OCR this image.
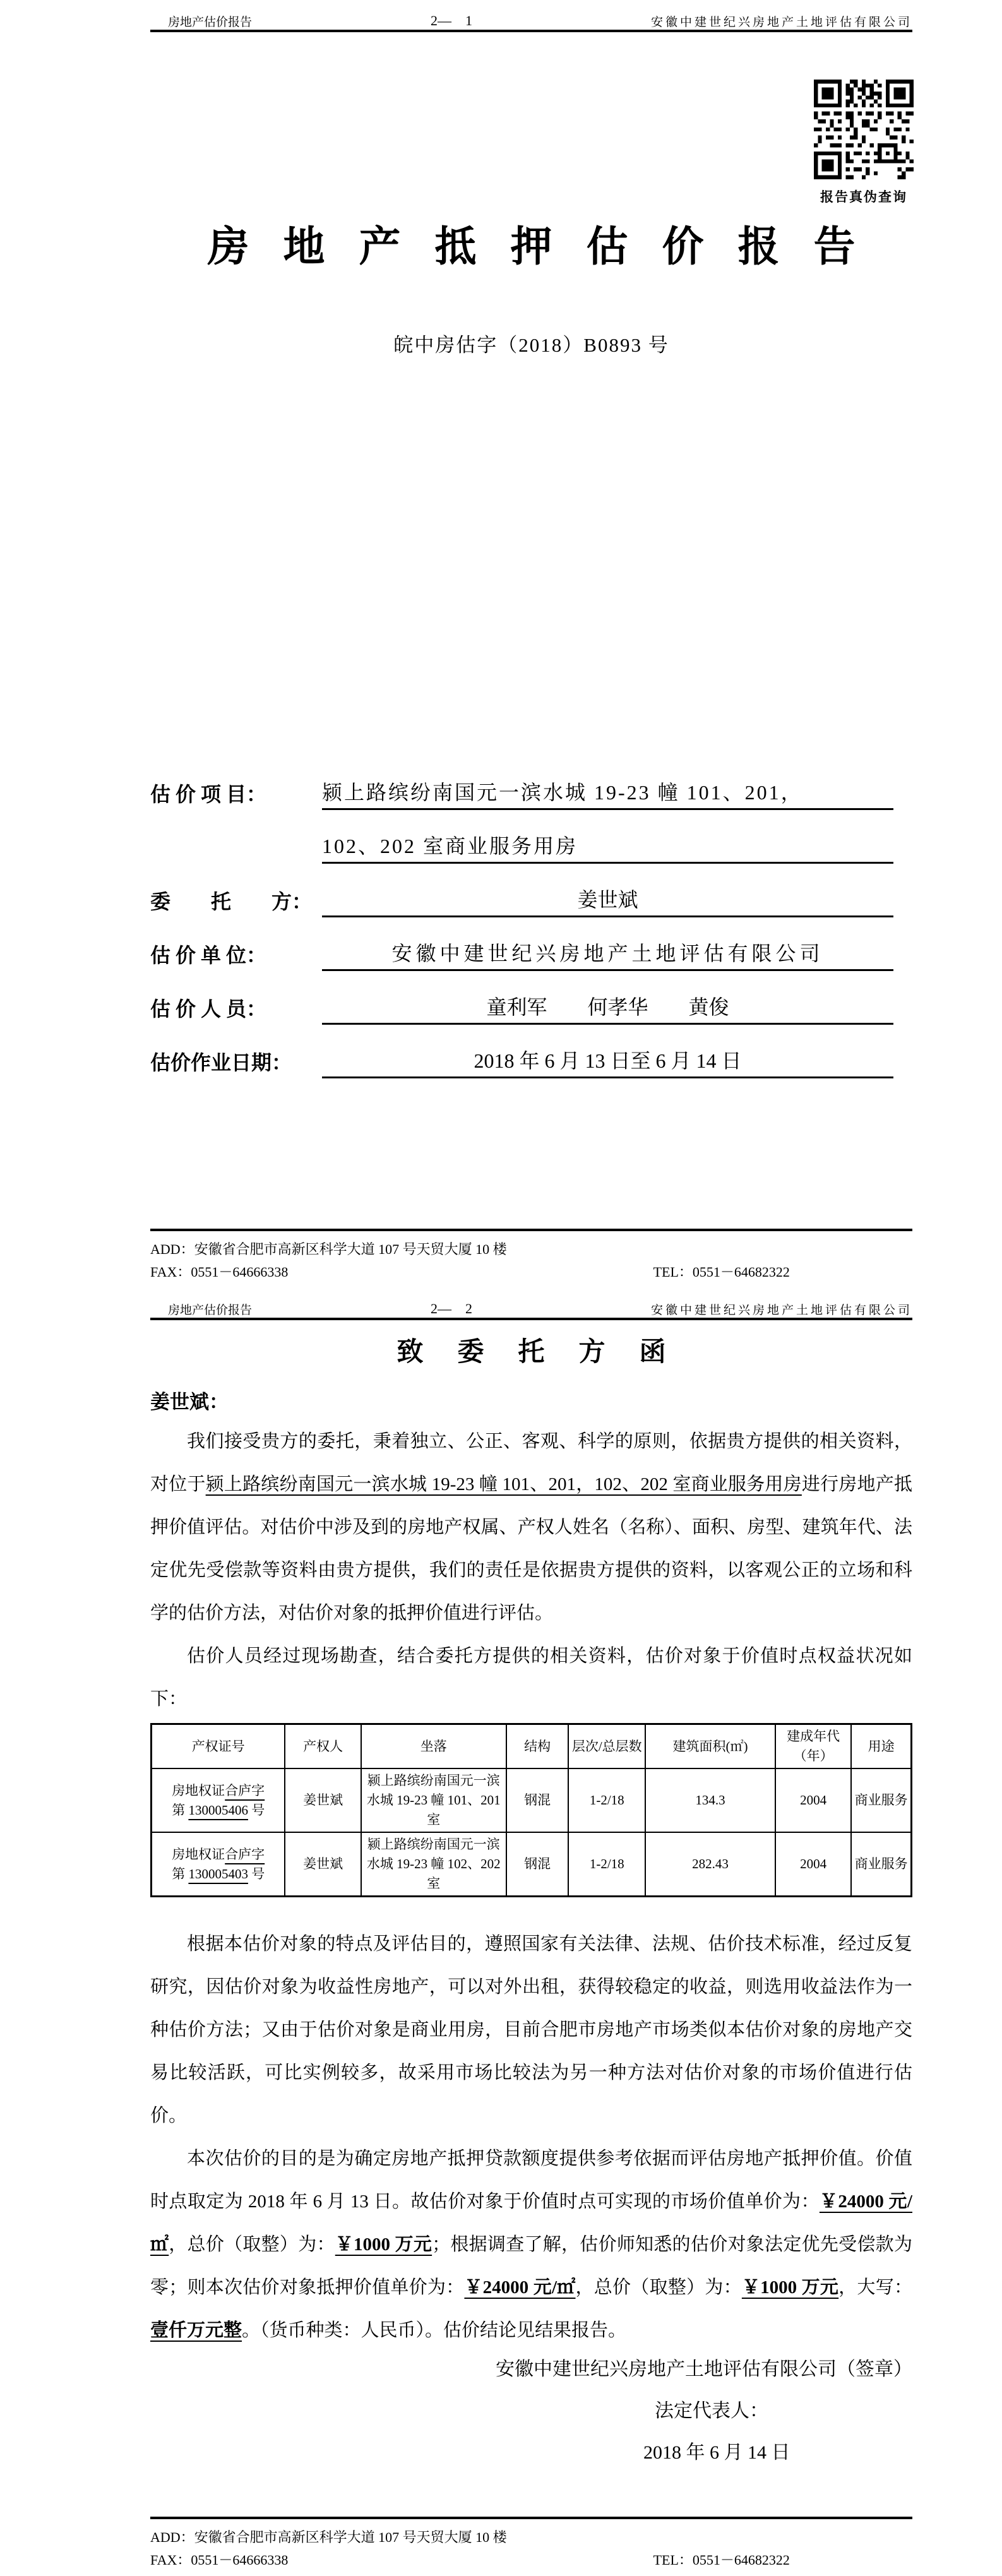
房地产估价报告	2—　1	安徽中建世纪兴房地产土地评估有限公司
报告真伪查询
房地产抵押估价报告
皖中房估字（2018）B0893 号
估 价 项 目：	颍上路缤纷南国元一滨水城 19-23 幢 101、201，
102、202 室商业服务用房
委　　托　　方：	姜世斌
估 价 单 位：	安徽中建世纪兴房地产土地评估有限公司
估 价 人 员：	童利军　　何孝华　　黄俊
估价作业日期：	2018 年 6 月 13 日至 6 月 14 日
ADD：安徽省合肥市高新区科学大道 107 号天贸大厦 10 楼
FAX：0551－64666338	TEL：0551－64682322
房地产估价报告	2—　2	安徽中建世纪兴房地产土地评估有限公司
致委托方函
姜世斌：

我们接受贵方的委托，秉着独立、公正、客观、科学的原则，依据贵方提供的相关资料，对位于颍上路缤纷南国元一滨水城 19-23 幢 101、201，102、202 室商业服务用房进行房地产抵押价值评估。对估价中涉及到的房地产权属、产权人姓名（名称）、面积、房型、建筑年代、法定优先受偿款等资料由贵方提供，我们的责任是依据贵方提供的资料，以客观公正的立场和科学的估价方法，对估价对象的抵押价值进行评估。

估价人员经过现场勘查，结合委托方提供的相关资料，估价对象于价值时点权益状况如下：

产权证号	产权人	坐落	结构	层次/总层数	建筑面积(㎡)	建成年代（年）	用途
房地权证合庐字
第 130005406 号	姜世斌	颍上路缤纷南国元一滨水城 19-23 幢 101、201 室	钢混	1-2/18	134.3	2004	商业服务
房地权证合庐字
第 130005403 号	姜世斌	颍上路缤纷南国元一滨水城 19-23 幢 102、202 室	钢混	1-2/18	282.43	2004	商业服务

根据本估价对象的特点及评估目的，遵照国家有关法律、法规、估价技术标准，经过反复研究，因估价对象为收益性房地产，可以对外出租，获得较稳定的收益，则选用收益法作为一种估价方法；又由于估价对象是商业用房，目前合肥市房地产市场类似本估价对象的房地产交易比较活跃，可比实例较多，故采用市场比较法为另一种方法对估价对象的市场价值进行估价。

本次估价的目的是为确定房地产抵押贷款额度提供参考依据而评估房地产抵押价值。价值时点取定为 2018 年 6 月 13 日。故估价对象于价值时点可实现的市场价值单价为：￥24000 元/㎡，总价（取整）为：￥1000 万元；根据调查了解，估价师知悉的估价对象法定优先受偿款为零；则本次估价对象抵押价值单价为：￥24000 元/㎡，总价（取整）为：￥1000 万元，大写：壹仟万元整。（货币种类：人民币）。估价结论见结果报告。

安徽中建世纪兴房地产土地评估有限公司（签章）
法定代表人：
2018 年 6 月 14 日
ADD：安徽省合肥市高新区科学大道 107 号天贸大厦 10 楼
FAX：0551－64666338	TEL：0551－64682322
